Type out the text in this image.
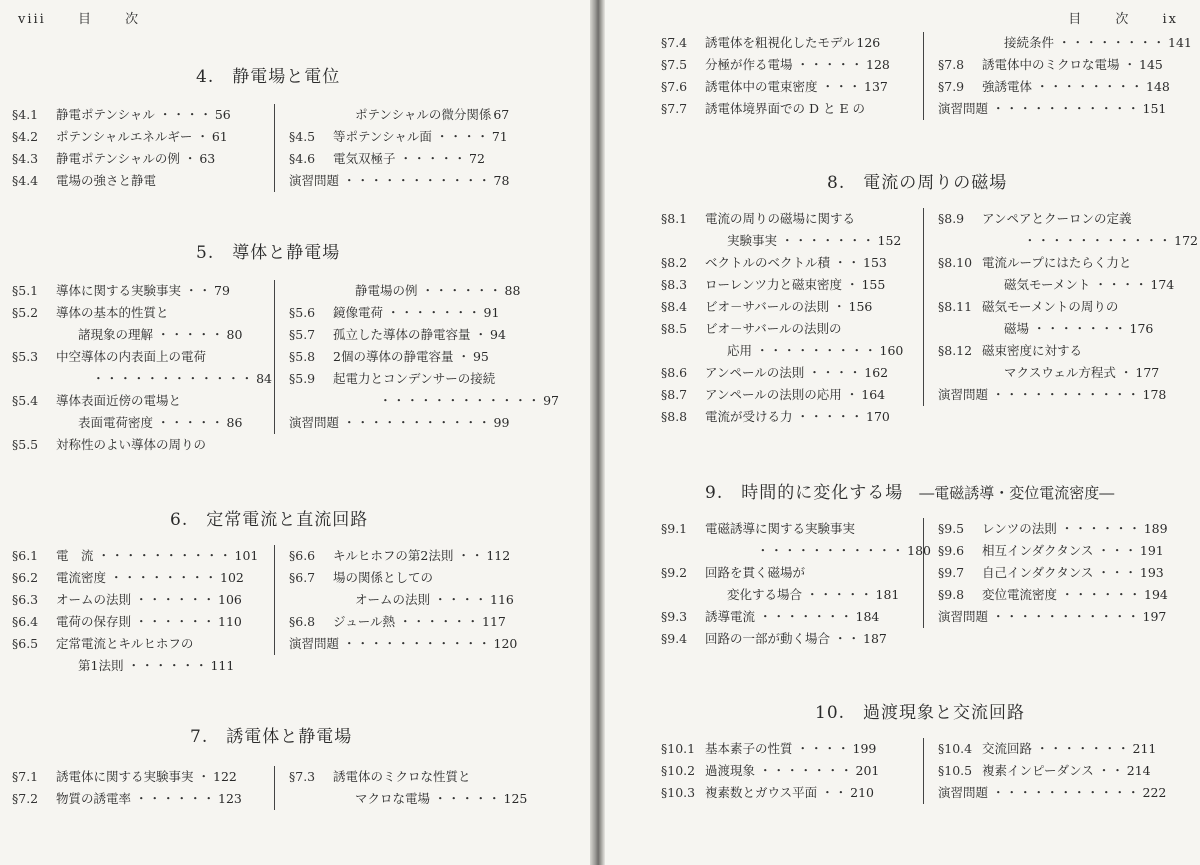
viii 目 次
4.　静電場と電位
§4.1 静電ポテンシャル ・・・・ 56
§4.2 ポテンシャルエネルギー ・ 61
§4.3 静電ポテンシャルの例 ・ 63
§4.4 電場の強さと静電
ポテンシャルの微分関係 67
§4.5 等ポテンシャル面 ・・・・ 71
§4.6 電気双極子 ・・・・・ 72
演習問題 ・・・・・・・・・・・ 78
5.　導体と静電場
§5.1 導体に関する実験事実 ・・ 79
§5.2 導体の基本的性質と
諸現象の理解 ・・・・・ 80
§5.3 中空導体の内表面上の電荷
・・・・・・・・・・・・ 84
§5.4 導体表面近傍の電場と
表面電荷密度 ・・・・・ 86
§5.5 対称性のよい導体の周りの
静電場の例 ・・・・・・ 88
§5.6 鏡像電荷 ・・・・・・・ 91
§5.7 孤立した導体の静電容量 ・ 94
§5.8 2個の導体の静電容量 ・ 95
§5.9 起電力とコンデンサーの接続
・・・・・・・・・・・・ 97
演習問題 ・・・・・・・・・・・ 99
6.　定常電流と直流回路
§6.1 電　流 ・・・・・・・・・・ 101
§6.2 電流密度 ・・・・・・・・ 102
§6.3 オームの法則 ・・・・・・ 106
§6.4 電荷の保存則 ・・・・・・ 110
§6.5 定常電流とキルヒホフの
第1法則 ・・・・・・ 111
§6.6 キルヒホフの第2法則 ・・ 112
§6.7 場の関係としての
オームの法則 ・・・・ 116
§6.8 ジュール熱 ・・・・・・ 117
演習問題 ・・・・・・・・・・・ 120
7.　誘電体と静電場
§7.1 誘電体に関する実験事実 ・ 122
§7.2 物質の誘電率 ・・・・・・ 123
§7.3 誘電体のミクロな性質と
マクロな電場 ・・・・・ 125
目 次 ix
§7.4 誘電体を粗視化したモデル 126
§7.5 分極が作る電場 ・・・・・ 128
§7.6 誘電体中の電束密度 ・・・ 137
§7.7 誘電体境界面での D と E の
接続条件 ・・・・・・・・ 141
§7.8 誘電体中のミクロな電場 ・ 145
§7.9 強誘電体 ・・・・・・・・ 148
演習問題 ・・・・・・・・・・・ 151
8.　電流の周りの磁場
§8.1 電流の周りの磁場に関する
実験事実 ・・・・・・・ 152
§8.2 ベクトルのベクトル積 ・・ 153
§8.3 ローレンツ力と磁束密度 ・ 155
§8.4 ビオ－サバールの法則 ・ 156
§8.5 ビオ－サバールの法則の
応用 ・・・・・・・・・ 160
§8.6 アンペールの法則 ・・・・ 162
§8.7 アンペールの法則の応用 ・ 164
§8.8 電流が受ける力 ・・・・・ 170
§8.9 アンペアとクーロンの定義
・・・・・・・・・・・ 172
§8.10 電流ループにはたらく力と
磁気モーメント ・・・・ 174
§8.11 磁気モーメントの周りの
磁場 ・・・・・・・ 176
§8.12 磁束密度に対する
マクスウェル方程式 ・ 177
演習問題 ・・・・・・・・・・・ 178
9.　時間的に変化する場 ―電磁誘導・変位電流密度―
§9.1 電磁誘導に関する実験事実
・・・・・・・・・・・ 180
§9.2 回路を貫く磁場が
変化する場合 ・・・・・ 181
§9.3 誘導電流 ・・・・・・・ 184
§9.4 回路の一部が動く場合 ・・ 187
§9.5 レンツの法則 ・・・・・・ 189
§9.6 相互インダクタンス ・・・ 191
§9.7 自己インダクタンス ・・・ 193
§9.8 変位電流密度 ・・・・・・ 194
演習問題 ・・・・・・・・・・・ 197
10.　過渡現象と交流回路
§10.1 基本素子の性質 ・・・・ 199
§10.2 過渡現象 ・・・・・・・ 201
§10.3 複素数とガウス平面 ・・ 210
§10.4 交流回路 ・・・・・・・ 211
§10.5 複素インピーダンス ・・ 214
演習問題 ・・・・・・・・・・・ 222
